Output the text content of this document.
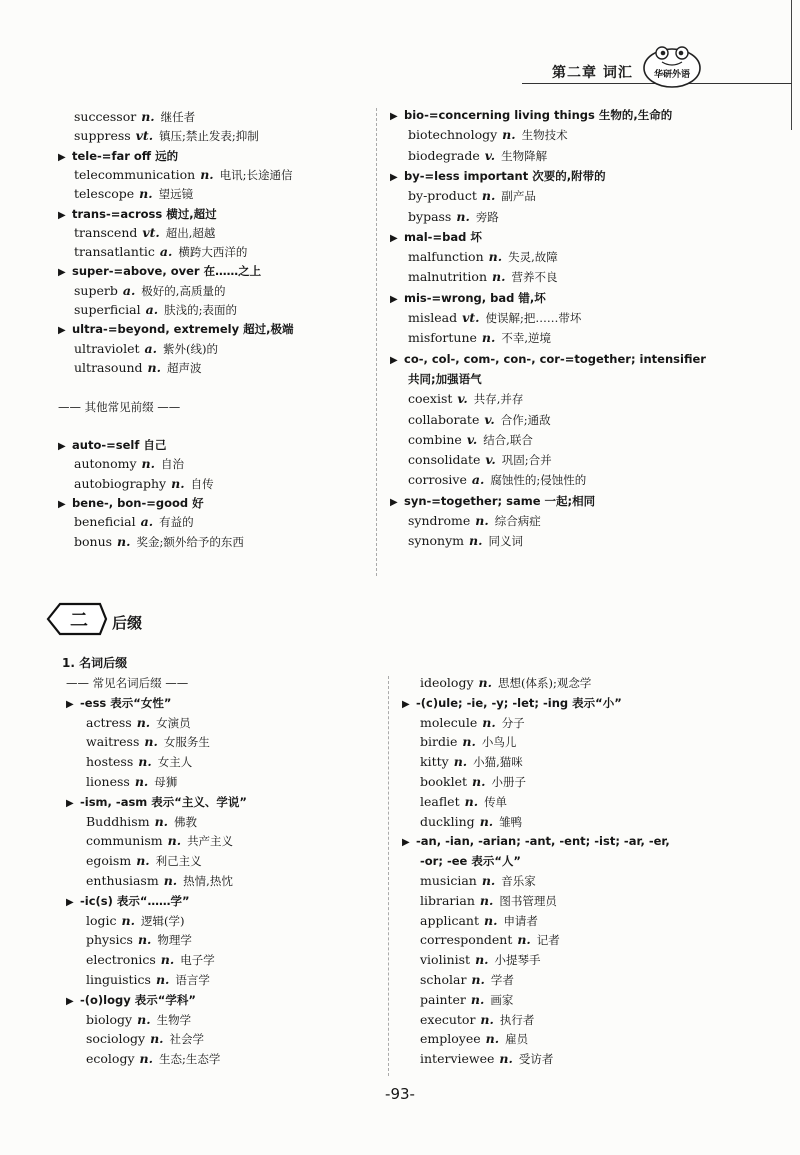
第二章 词汇 华研外语
successor n. 继任者
suppress vt. 镇压;禁止发表;抑制
▶ tele-=far off 远的
telecommunication n. 电讯;长途通信
telescope n. 望远镜
▶ trans-=across 横过,超过
transcend vt. 超出,超越
transatlantic a. 横跨大西洋的
▶ super-=above, over 在……之上
superb a. 极好的,高质量的
superficial a. 肤浅的;表面的
▶ ultra-=beyond, extremely 超过,极端
ultraviolet a. 紫外(线)的
ultrasound n. 超声波
—— 其他常见前缀 ——
▶ auto-=self 自己
autonomy n. 自治
autobiography n. 自传
▶ bene-, bon-=good 好
beneficial a. 有益的
bonus n. 奖金;额外给予的东西
▶ bio-=concerning living things 生物的,生命的
biotechnology n. 生物技术
biodegrade v. 生物降解
▶ by-=less important 次要的,附带的
by-product n. 副产品
bypass n. 旁路
▶ mal-=bad 坏
malfunction n. 失灵,故障
malnutrition n. 营养不良
▶ mis-=wrong, bad 错,坏
mislead vt. 使误解;把……带坏
misfortune n. 不幸,逆境
▶ co-, col-, com-, con-, cor-=together; intensifier
共同;加强语气
coexist v. 共存,并存
collaborate v. 合作;通敌
combine v. 结合,联合
consolidate v. 巩固;合并
corrosive a. 腐蚀性的;侵蚀性的
▶ syn-=together; same 一起;相同
syndrome n. 综合病症
synonym n. 同义词
二 后缀
1. 名词后缀
—— 常见名词后缀 ——
▶ -ess 表示“女性”
actress n. 女演员
waitress n. 女服务生
hostess n. 女主人
lioness n. 母狮
▶ -ism, -asm 表示“主义、学说”
Buddhism n. 佛教
communism n. 共产主义
egoism n. 利己主义
enthusiasm n. 热情,热忱
▶ -ic(s) 表示“……学”
logic n. 逻辑(学)
physics n. 物理学
electronics n. 电子学
linguistics n. 语言学
▶ -(o)logy 表示“学科”
biology n. 生物学
sociology n. 社会学
ecology n. 生态;生态学
ideology n. 思想(体系);观念学
▶ -(c)ule; -ie, -y; -let; -ing 表示“小”
molecule n. 分子
birdie n. 小鸟儿
kitty n. 小猫,猫咪
booklet n. 小册子
leaflet n. 传单
duckling n. 雏鸭
▶ -an, -ian, -arian; -ant, -ent; -ist; -ar, -er,
-or; -ee 表示“人”
musician n. 音乐家
librarian n. 图书管理员
applicant n. 申请者
correspondent n. 记者
violinist n. 小提琴手
scholar n. 学者
painter n. 画家
executor n. 执行者
employee n. 雇员
interviewee n. 受访者
-93-
